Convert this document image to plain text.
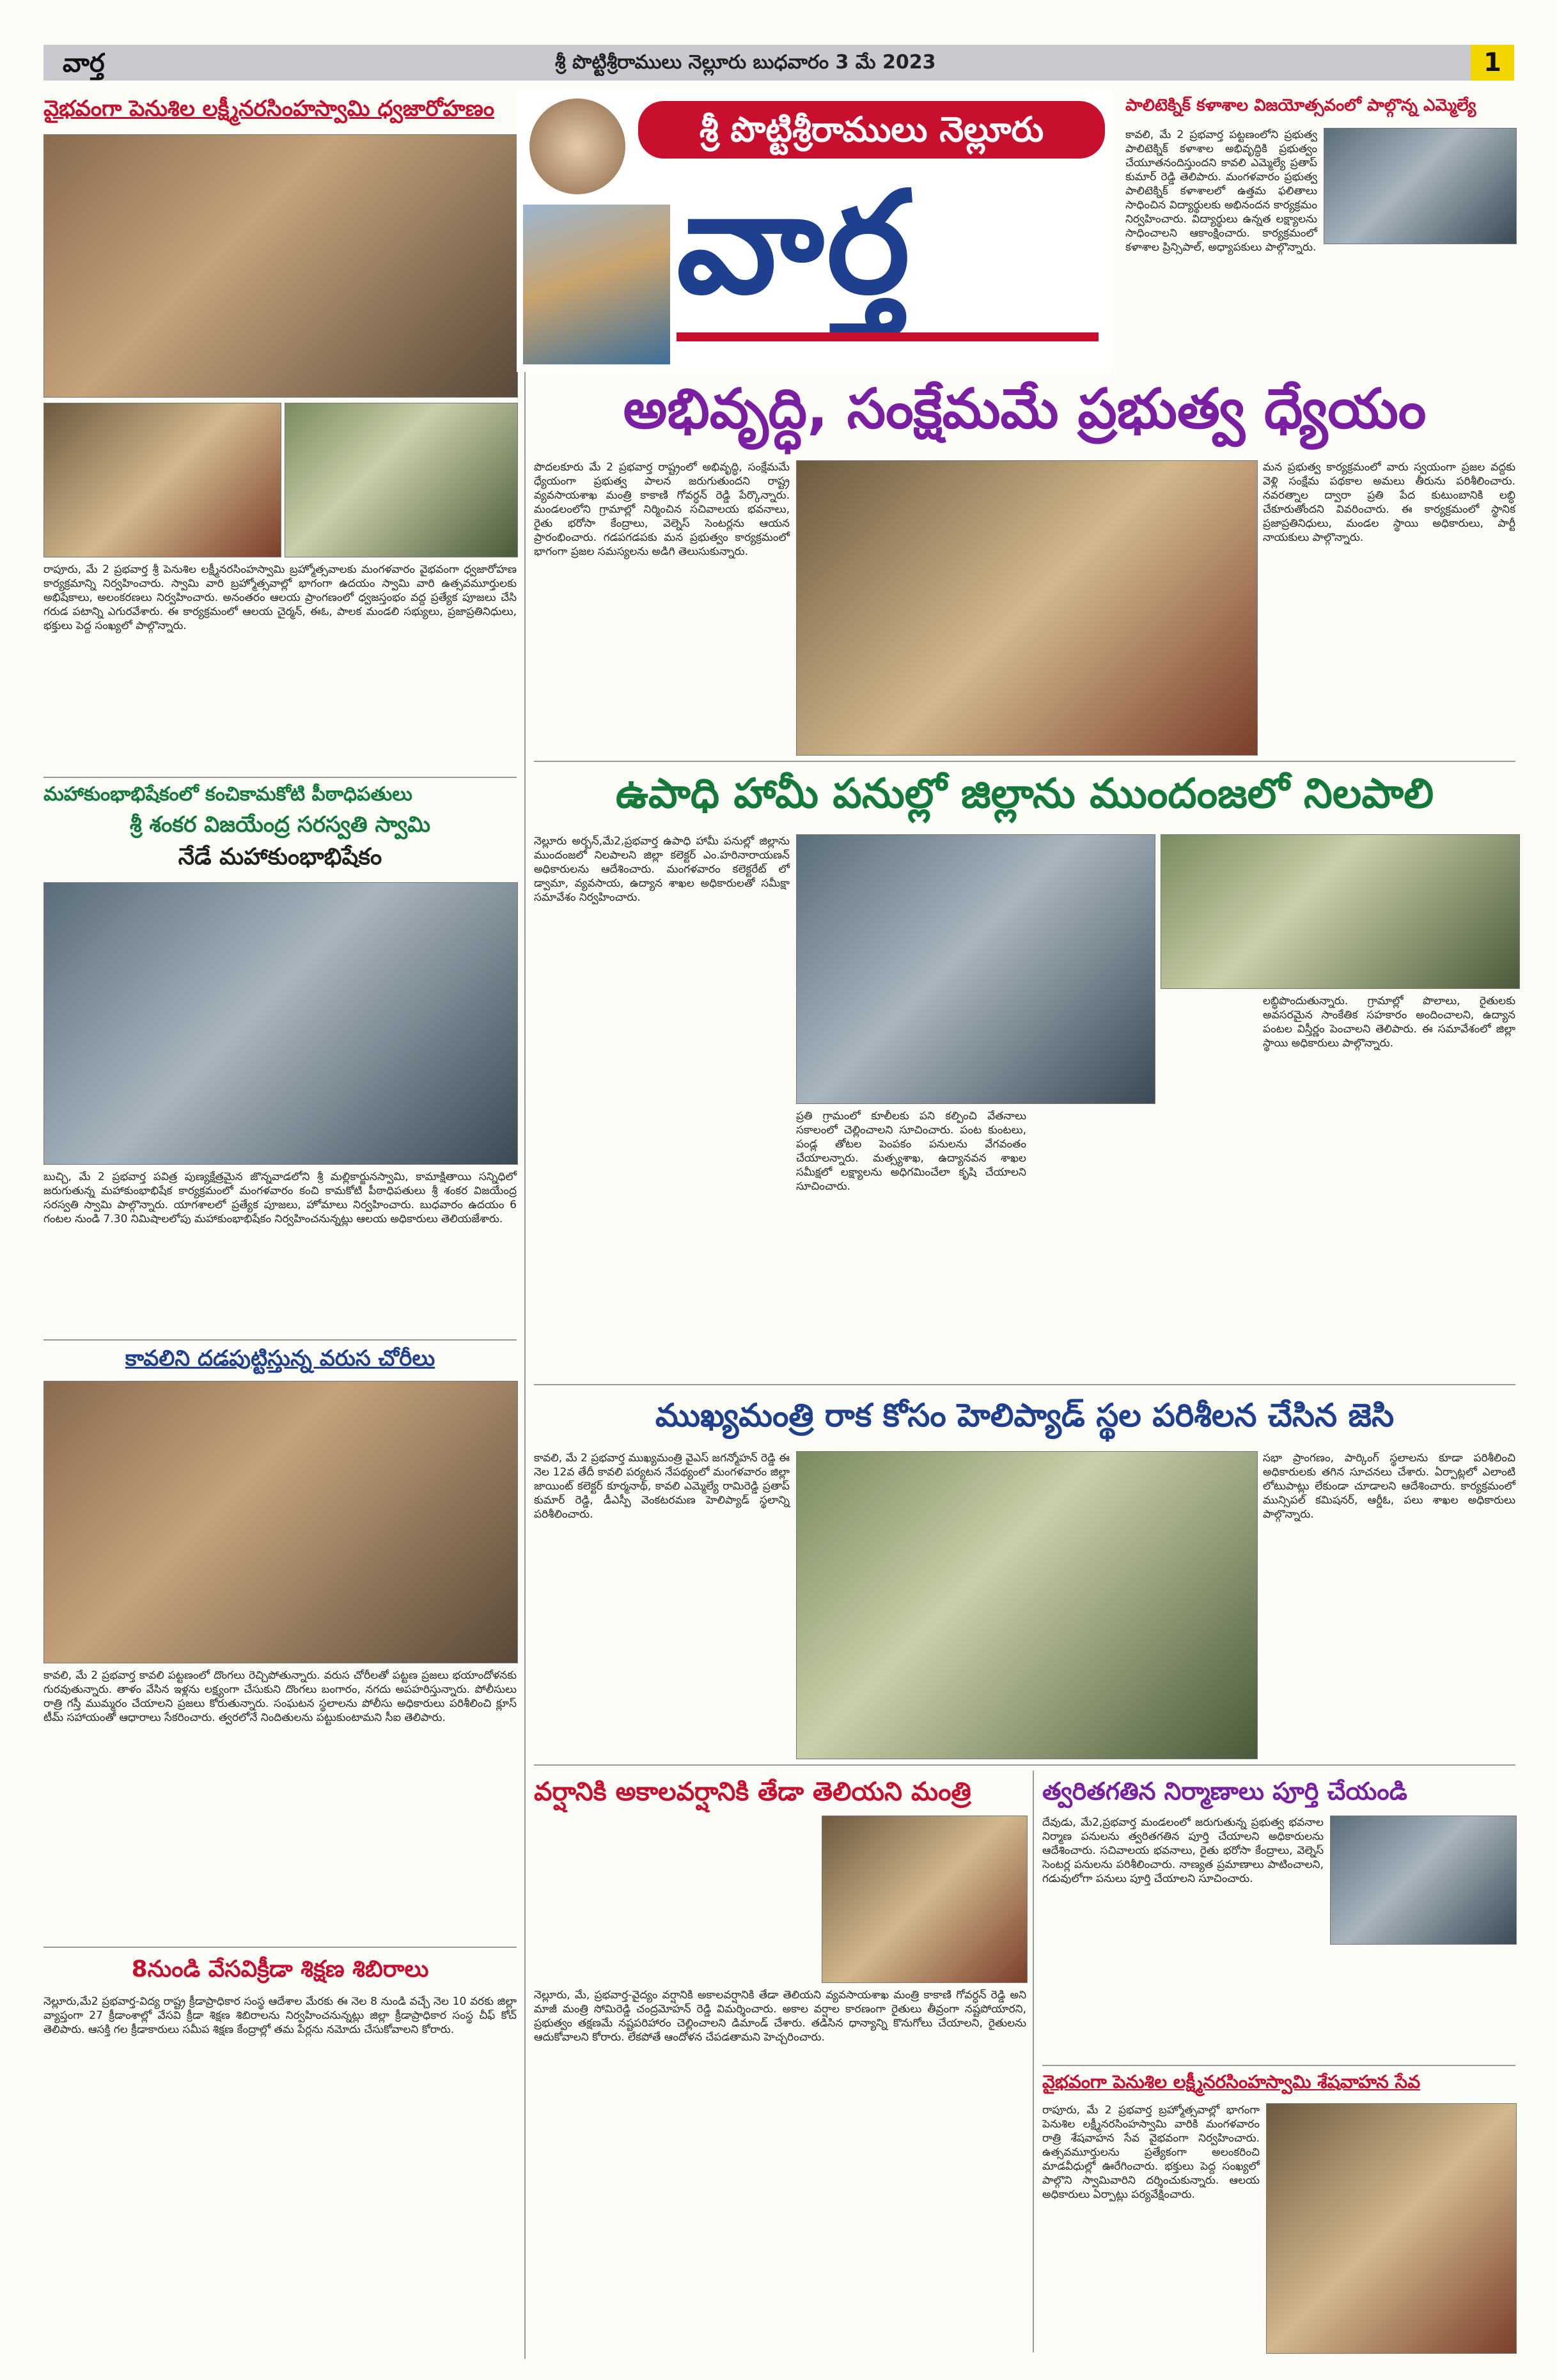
వార్త	శ్రీ పొట్టిశ్రీరాములు నెల్లూరు బుధవారం 3 మే 2023	1
వైభవంగా పెనుశిల లక్ష్మీనరసింహస్వామి ధ్వజారోహణం
రాపూరు, మే 2 ప్రభవార్త శ్రీ పెనుశిల లక్ష్మీనరసింహస్వామి బ్రహ్మోత్సవాలకు మంగళవారం వైభవంగా ధ్వజారోహణ కార్యక్రమాన్ని నిర్వహించారు. స్వామి వారి బ్రహ్మోత్సవాల్లో భాగంగా ఉదయం స్వామి వారి ఉత్సవమూర్తులకు అభిషేకాలు, అలంకరణలు నిర్వహించారు. అనంతరం ఆలయ ప్రాంగణంలో ధ్వజస్తంభం వద్ద ప్రత్యేక పూజలు చేసి గరుడ పటాన్ని ఎగురవేశారు. ఈ కార్యక్రమంలో ఆలయ చైర్మన్, ఈఓ, పాలక మండలి సభ్యులు, ప్రజాప్రతినిధులు, భక్తులు పెద్ద సంఖ్యలో పాల్గొన్నారు.
మహాకుంభాభిషేకంలో కంచికామకోటి పీఠాధిపతులు
శ్రీ శంకర విజయేంద్ర సరస్వతి స్వామి
నేడే మహాకుంభాభిషేకం
బుచ్చి, మే 2 ప్రభవార్త పవిత్ర పుణ్యక్షేత్రమైన జొన్నవాడలోని శ్రీ మల్లికార్జునస్వామి, కామాక్షితాయి సన్నిధిలో జరుగుతున్న మహాకుంభాభిషేక కార్యక్రమంలో మంగళవారం కంచి కామకోటి పీఠాధిపతులు శ్రీ శంకర విజయేంద్ర సరస్వతి స్వామి పాల్గొన్నారు. యాగశాలలో ప్రత్యేక పూజలు, హోమాలు నిర్వహించారు. బుధవారం ఉదయం 6 గంటల నుండి 7.30 నిమిషాలలోపు మహాకుంభాభిషేకం నిర్వహించనున్నట్లు ఆలయ అధికారులు తెలియజేశారు.
కావలిని దడపుట్టిస్తున్న వరుస చోరీలు
కావలి, మే 2 ప్రభవార్త కావలి పట్టణంలో దొంగలు రెచ్చిపోతున్నారు. వరుస చోరీలతో పట్టణ ప్రజలు భయాందోళనకు గురవుతున్నారు. తాళం వేసిన ఇళ్లను లక్ష్యంగా చేసుకుని దొంగలు బంగారం, నగదు అపహరిస్తున్నారు. పోలీసులు రాత్రి గస్తీ ముమ్మరం చేయాలని ప్రజలు కోరుతున్నారు. సంఘటన స్థలాలను పోలీసు అధికారులు పరిశీలించి క్లూస్ టీమ్ సహాయంతో ఆధారాలు సేకరించారు. త్వరలోనే నిందితులను పట్టుకుంటామని సీఐ తెలిపారు.
8నుండి వేసవిక్రీడా శిక్షణ శిబిరాలు
నెల్లూరు,మే2 ప్రభవార్త-విద్య రాష్ట్ర క్రీడాప్రాధికార సంస్థ ఆదేశాల మేరకు ఈ నెల 8 నుండి వచ్చే నెల 10 వరకు జిల్లా వ్యాప్తంగా 27 క్రీడాంశాల్లో వేసవి క్రీడా శిక్షణ శిబిరాలను నిర్వహించనున్నట్లు జిల్లా క్రీడాప్రాధికార సంస్థ చీఫ్ కోచ్ తెలిపారు. ఆసక్తి గల క్రీడాకారులు సమీప శిక్షణ కేంద్రాల్లో తమ పేర్లను నమోదు చేసుకోవాలని కోరారు.
శ్రీ పొట్టిశ్రీరాములు నెల్లూరు
వార్త
పాలిటెక్నిక్ కళాశాల విజయోత్సవంలో పాల్గొన్న ఎమ్మెల్యే
కావలి, మే 2 ప్రభవార్త పట్టణంలోని ప్రభుత్వ పాలిటెక్నిక్ కళాశాల అభివృద్ధికి ప్రభుత్వం చేయూతనందిస్తుందని కావలి ఎమ్మెల్యే ప్రతాప్ కుమార్ రెడ్డి తెలిపారు. మంగళవారం ప్రభుత్వ పాలిటెక్నిక్ కళాశాలలో ఉత్తమ ఫలితాలు సాధించిన విద్యార్థులకు అభినందన కార్యక్రమం నిర్వహించారు. విద్యార్థులు ఉన్నత లక్ష్యాలను సాధించాలని ఆకాంక్షించారు. కార్యక్రమంలో కళాశాల ప్రిన్సిపాల్, అధ్యాపకులు పాల్గొన్నారు.
అభివృద్ధి, సంక్షేమమే ప్రభుత్వ ధ్యేయం
పొదలకూరు మే 2 ప్రభవార్త రాష్ట్రంలో అభివృద్ధి, సంక్షేమమే ధ్యేయంగా ప్రభుత్వ పాలన జరుగుతుందని రాష్ట్ర వ్యవసాయశాఖ మంత్రి కాకాణి గోవర్ధన్ రెడ్డి పేర్కొన్నారు. మండలంలోని గ్రామాల్లో నిర్మించిన సచివాలయ భవనాలు, రైతు భరోసా కేంద్రాలు, వెల్నెస్ సెంటర్లను ఆయన ప్రారంభించారు. గడపగడపకు మన ప్రభుత్వం కార్యక్రమంలో భాగంగా ప్రజల సమస్యలను అడిగి తెలుసుకున్నారు.
మన ప్రభుత్వ కార్యక్రమంలో వారు స్వయంగా ప్రజల వద్దకు వెళ్లి సంక్షేమ పథకాల అమలు తీరును పరిశీలించారు. నవరత్నాల ద్వారా ప్రతి పేద కుటుంబానికి లబ్ధి చేకూరుతోందని వివరించారు. ఈ కార్యక్రమంలో స్థానిక ప్రజాప్రతినిధులు, మండల స్థాయి అధికారులు, పార్టీ నాయకులు పాల్గొన్నారు.
ఉపాధి హామీ పనుల్లో జిల్లాను ముందంజలో నిలపాలి
నెల్లూరు అర్బన్,మే2,ప్రభవార్త ఉపాధి హామీ పనుల్లో జిల్లాను ముందంజలో నిలపాలని జిల్లా కలెక్టర్ ఎం.హరినారాయణన్ అధికారులను ఆదేశించారు. మంగళవారం కలెక్టరేట్ లో డ్వామా, వ్యవసాయ, ఉద్యాన శాఖల అధికారులతో సమీక్షా సమావేశం నిర్వహించారు.
లబ్ధిపొందుతున్నారు. గ్రామాల్లో పొలాలు, రైతులకు అవసరమైన సాంకేతిక సహకారం అందించాలని, ఉద్యాన పంటల విస్తీర్ణం పెంచాలని తెలిపారు. ఈ సమావేశంలో జిల్లా స్థాయి అధికారులు పాల్గొన్నారు.
ప్రతి గ్రామంలో కూలీలకు పని కల్పించి వేతనాలు సకాలంలో చెల్లించాలని సూచించారు. పంట కుంటలు, పండ్ల తోటల పెంపకం పనులను వేగవంతం చేయాలన్నారు. మత్స్యశాఖ, ఉద్యానవన శాఖల సమీక్షలో లక్ష్యాలను అధిగమించేలా కృషి చేయాలని సూచించారు.
ముఖ్యమంత్రి రాక కోసం హెలిప్యాడ్ స్థల పరిశీలన చేసిన జెసి
కావలి, మే 2 ప్రభవార్త ముఖ్యమంత్రి వైఎస్ జగన్మోహన్ రెడ్డి ఈ నెల 12వ తేదీ కావలి పర్యటన నేపథ్యంలో మంగళవారం జిల్లా జాయింట్ కలెక్టర్ కూర్మనాథ్, కావలి ఎమ్మెల్యే రామిరెడ్డి ప్రతాప్ కుమార్ రెడ్డి, డీఎస్పీ వెంకటరమణ హెలిప్యాడ్ స్థలాన్ని పరిశీలించారు.
సభా ప్రాంగణం, పార్కింగ్ స్థలాలను కూడా పరిశీలించి అధికారులకు తగిన సూచనలు చేశారు. ఏర్పాట్లలో ఎలాంటి లోటుపాట్లు లేకుండా చూడాలని ఆదేశించారు. కార్యక్రమంలో మున్సిపల్ కమిషనర్, ఆర్డీఓ, పలు శాఖల అధికారులు పాల్గొన్నారు.
వర్షానికి అకాలవర్షానికి తేడా తెలియని మంత్రి
నెల్లూరు, మే, ప్రభవార్త-వైద్యం వర్షానికి అకాలవర్షానికి తేడా తెలియని వ్యవసాయశాఖ మంత్రి కాకాణి గోవర్ధన్ రెడ్డి అని మాజీ మంత్రి సోమిరెడ్డి చంద్రమోహన్ రెడ్డి విమర్శించారు. అకాల వర్షాల కారణంగా రైతులు తీవ్రంగా నష్టపోయారని, ప్రభుత్వం తక్షణమే నష్టపరిహారం చెల్లించాలని డిమాండ్ చేశారు. తడిసిన ధాన్యాన్ని కొనుగోలు చేయాలని, రైతులను ఆదుకోవాలని కోరారు. లేకపోతే ఆందోళన చేపడతామని హెచ్చరించారు.
త్వరితగతిన నిర్మాణాలు పూర్తి చేయండి
దేవుడు, మే2,ప్రభవార్త మండలంలో జరుగుతున్న ప్రభుత్వ భవనాల నిర్మాణ పనులను త్వరితగతిన పూర్తి చేయాలని అధికారులను ఆదేశించారు. సచివాలయ భవనాలు, రైతు భరోసా కేంద్రాలు, వెల్నెస్ సెంటర్ల పనులను పరిశీలించారు. నాణ్యత ప్రమాణాలు పాటించాలని, గడువులోగా పనులు పూర్తి చేయాలని సూచించారు.
వైభవంగా పెనుశిల లక్ష్మీనరసింహస్వామి శేషవాహన సేవ
రాపూరు, మే 2 ప్రభవార్త బ్రహ్మోత్సవాల్లో భాగంగా పెనుశిల లక్ష్మీనరసింహస్వామి వారికి మంగళవారం రాత్రి శేషవాహన సేవ వైభవంగా నిర్వహించారు. ఉత్సవమూర్తులను ప్రత్యేకంగా అలంకరించి మాడవీధుల్లో ఊరేగించారు. భక్తులు పెద్ద సంఖ్యలో పాల్గొని స్వామివారిని దర్శించుకున్నారు. ఆలయ అధికారులు ఏర్పాట్లు పర్యవేక్షించారు.
